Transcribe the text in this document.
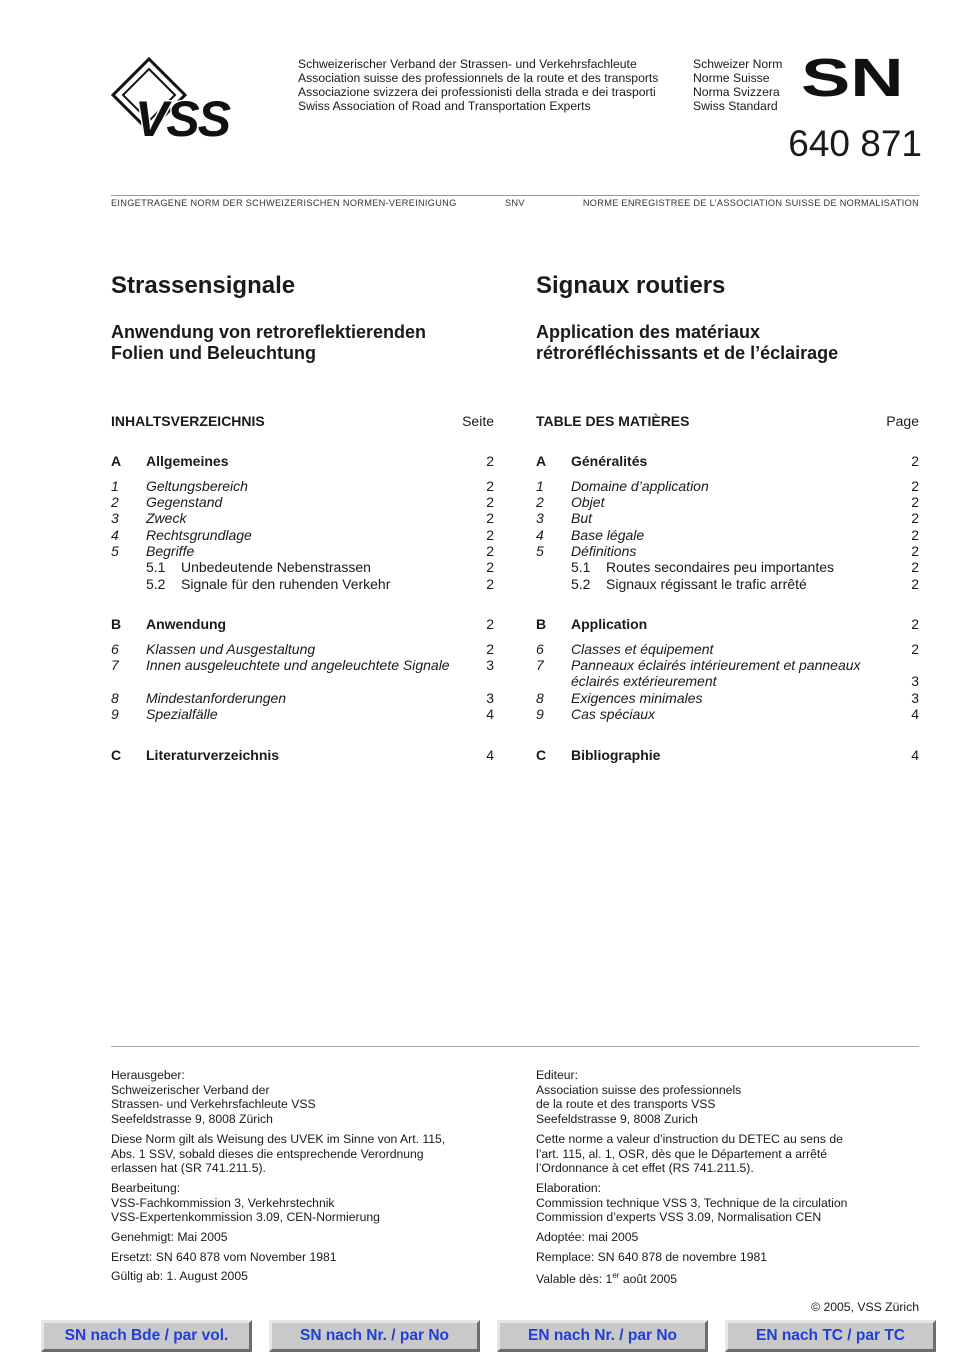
VSS
Schweizerischer Verband der Strassen- und Verkehrsfachleute
Association suisse des professionnels de la route et des transports
Associazione svizzera dei professionisti della strada e dei trasporti
Swiss Association of Road and Transportation Experts
Schweizer Norm
Norme Suisse
Norma Svizzera
Swiss Standard SN
640 871
EINGETRAGENE NORM DER SCHWEIZERISCHEN NORMEN-VEREINIGUNG	SNV	NORME ENREGISTREE DE L’ASSOCIATION SUISSE DE NORMALISATION
Strassensignale
Anwendung von retroreflektierenden
Folien und Beleuchtung
INHALTSVERZEICHNIS	Seite
A Allgemeines	2
1 Geltungsbereich	2
2 Gegenstand	2
3 Zweck	2
4 Rechtsgrundlage	2
5 Begriffe	2
5.1 Unbedeutende Nebenstrassen	2
5.2 Signale für den ruhenden Verkehr	2
B Anwendung	2
6 Klassen und Ausgestaltung	2
7 Innen ausgeleuchtete und angeleuchtete Signale	3
8 Mindestanforderungen	3
9 Spezialfälle	4
C Literaturverzeichnis	4
Signaux routiers
Application des matériaux
rétroréfléchissants et de l’éclairage
TABLE DES MATIÈRES	Page
A Généralités	2
1 Domaine d’application	2
2 Objet	2
3 But	2
4 Base légale	2
5 Définitions	2
5.1 Routes secondaires peu importantes	2
5.2 Signaux régissant le trafic arrêté	2
B Application	2
6 Classes et équipement	2
7 Panneaux éclairés intérieurement et panneaux
éclairés extérieurement	3
8 Exigences minimales	3
9 Cas spéciaux	4
C Bibliographie	4

Herausgeber:
Schweizerischer Verband der
Strassen- und Verkehrsfachleute VSS
Seefeldstrasse 9, 8008 Zürich

Diese Norm gilt als Weisung des UVEK im Sinne von Art. 115,
Abs. 1 SSV, sobald dieses die entsprechende Verordnung
erlassen hat (SR 741.211.5).

Bearbeitung:
VSS-Fachkommission 3, Verkehrstechnik
VSS-Expertenkommission 3.09, CEN-Normierung

Genehmigt: Mai 2005

Ersetzt: SN 640 878 vom November 1981

Gültig ab: 1. August 2005

Editeur:
Association suisse des professionnels
de la route et des transports VSS
Seefeldstrasse 9, 8008 Zurich

Cette norme a valeur d’instruction du DETEC au sens de
l’art. 115, al. 1, OSR, dès que le Département a arrêté
l’Ordonnance à cet effet (RS 741.211.5).

Elaboration:
Commission technique VSS 3, Technique de la circulation
Commission d’experts VSS 3.09, Normalisation CEN

Adoptée: mai 2005

Remplace: SN 640 878 de novembre 1981

Valable dès: 1er août 2005

© 2005, VSS Zürich
SN nach Bde / par vol.	SN nach Nr. / par No	EN nach Nr. / par No	EN nach TC / par TC
